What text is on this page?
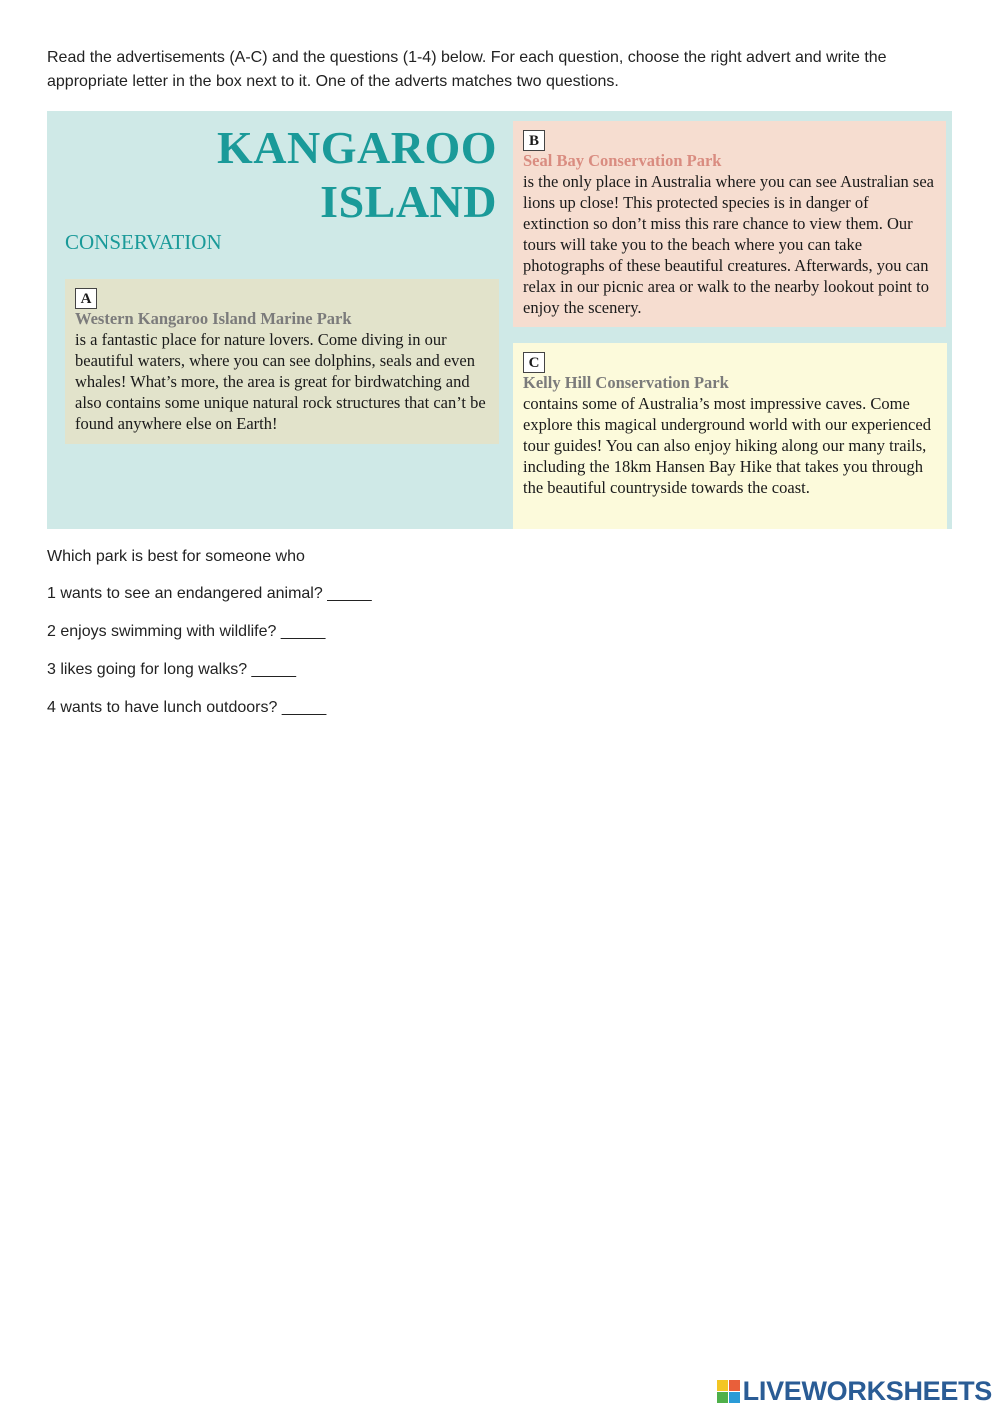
Read the advertisements (A-C) and the questions (1-4) below. For each question, choose the right advert and write the appropriate letter in the box next to it. One of the adverts matches two questions.
KANGAROO
ISLAND
CONSERVATION
A
Western Kangaroo Island Marine Park
is a fantastic place for nature lovers. Come diving in our beautiful waters, where you can see dolphins, seals and even whales! What’s more, the area is great for birdwatching and also contains some unique natural rock structures that can’t be found anywhere else on Earth!
B
Seal Bay Conservation Park
is the only place in Australia where you can see Australian sea lions up close! This protected species is in danger of extinction so don’t miss this rare chance to view them. Our tours will take you to the beach where you can take photographs of these beautiful creatures. Afterwards, you can relax in our picnic area or walk to the nearby lookout point to enjoy the scenery.
C
Kelly Hill Conservation Park
contains some of Australia’s most impressive caves. Come explore this magical underground world with our experienced tour guides! You can also enjoy hiking along our many trails, including the 18km Hansen Bay Hike that takes you through the beautiful countryside towards the coast.

Which park is best for someone who

1 wants to see an endangered animal? _____

2 enjoys swimming with wildlife? _____

3 likes going for long walks? _____

4 wants to have lunch outdoors? _____

LIVEWORKSHEETS
